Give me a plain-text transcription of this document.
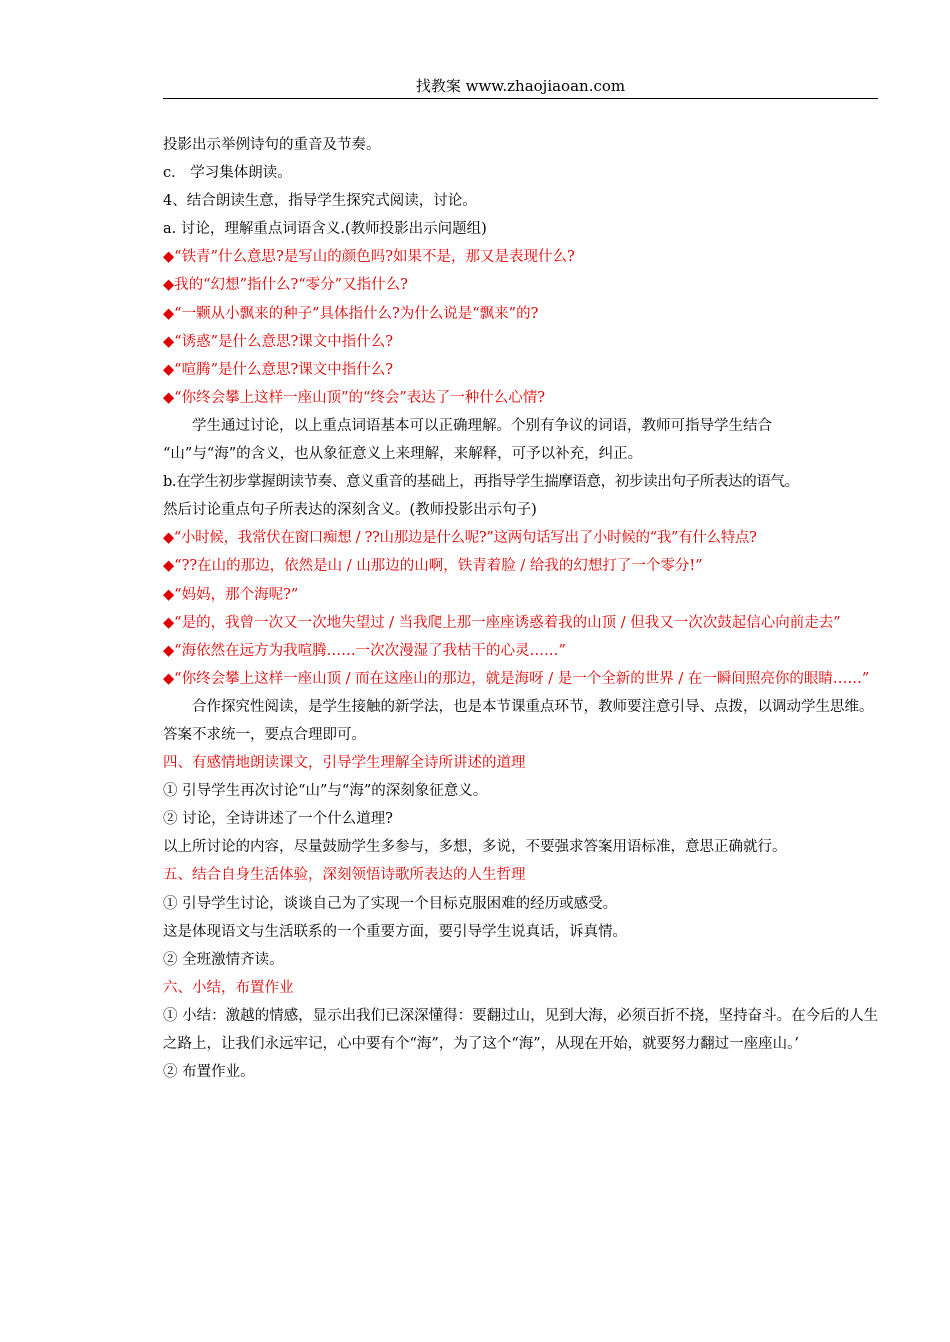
找教案 www.zhaojiaoan.com

投影出示举例诗句的重音及节奏。

c． 学习集体朗读。

4、结合朗读生意，指导学生探究式阅读，讨论。

a. 讨论，理解重点词语含义.(教师投影出示问题组)

◆“铁青”什么意思?是写山的颜色吗?如果不是，那又是表现什么?

◆我的“幻想”指什么?“零分”又指什么?

◆“一颗从小飘来的种子”具体指什么?为什么说是“飘来”的?

◆“诱惑”是什么意思?课文中指什么?

◆“喧腾”是什么意思?课文中指什么?

◆“你终会攀上这样一座山顶”的“终会”表达了一种什么心情?

学生通过讨论，以上重点词语基本可以正确理解。个别有争议的词语，教师可指导学生结合

“山”与“海”的含义，也从象征意义上来理解，来解释，可予以补充，纠正。

b.在学生初步掌握朗读节奏、意义重音的基础上，再指导学生揣摩语意，初步读出句子所表达的语气。

然后讨论重点句子所表达的深刻含义。(教师投影出示句子)

◆“小时候，我常伏在窗口痴想 / ??山那边是什么呢?”这两句话写出了小时候的“我”有什么特点?

◆“??在山的那边，依然是山 / 山那边的山啊，铁青着脸 / 给我的幻想打了一个零分!”

◆“妈妈，那个海呢?”

◆“是的，我曾一次又一次地失望过 / 当我爬上那一座座诱惑着我的山顶 / 但我又一次次鼓起信心向前走去”

◆“海依然在远方为我喧腾……一次次漫湿了我枯干的心灵……”

◆“你终会攀上这样一座山顶 / 而在这座山的那边，就是海呀 / 是一个全新的世界 / 在一瞬间照亮你的眼睛……”

合作探究性阅读，是学生接触的新学法，也是本节课重点环节，教师要注意引导、点拨，以调动学生思维。答案不求统一，要点合理即可。

四、有感情地朗读课文，引导学生理解全诗所讲述的道理

① 引导学生再次讨论“山”与“海”的深刻象征意义。

② 讨论，全诗讲述了一个什么道理?

以上所讨论的内容，尽量鼓励学生多参与，多想，多说，不要强求答案用语标准，意思正确就行。

五、结合自身生活体验，深刻领悟诗歌所表达的人生哲理

① 引导学生讨论，谈谈自己为了实现一个目标克服困难的经历或感受。

这是体现语文与生活联系的一个重要方面，要引导学生说真话，诉真情。

② 全班激情齐读。

六、小结，布置作业

① 小结：激越的情感，显示出我们已深深懂得：要翻过山，见到大海，必须百折不挠，坚持奋斗。在今后的人生之路上，让我们永远牢记，心中要有个“海”，为了这个“海”，从现在开始，就要努力翻过一座座山。’

② 布置作业。
